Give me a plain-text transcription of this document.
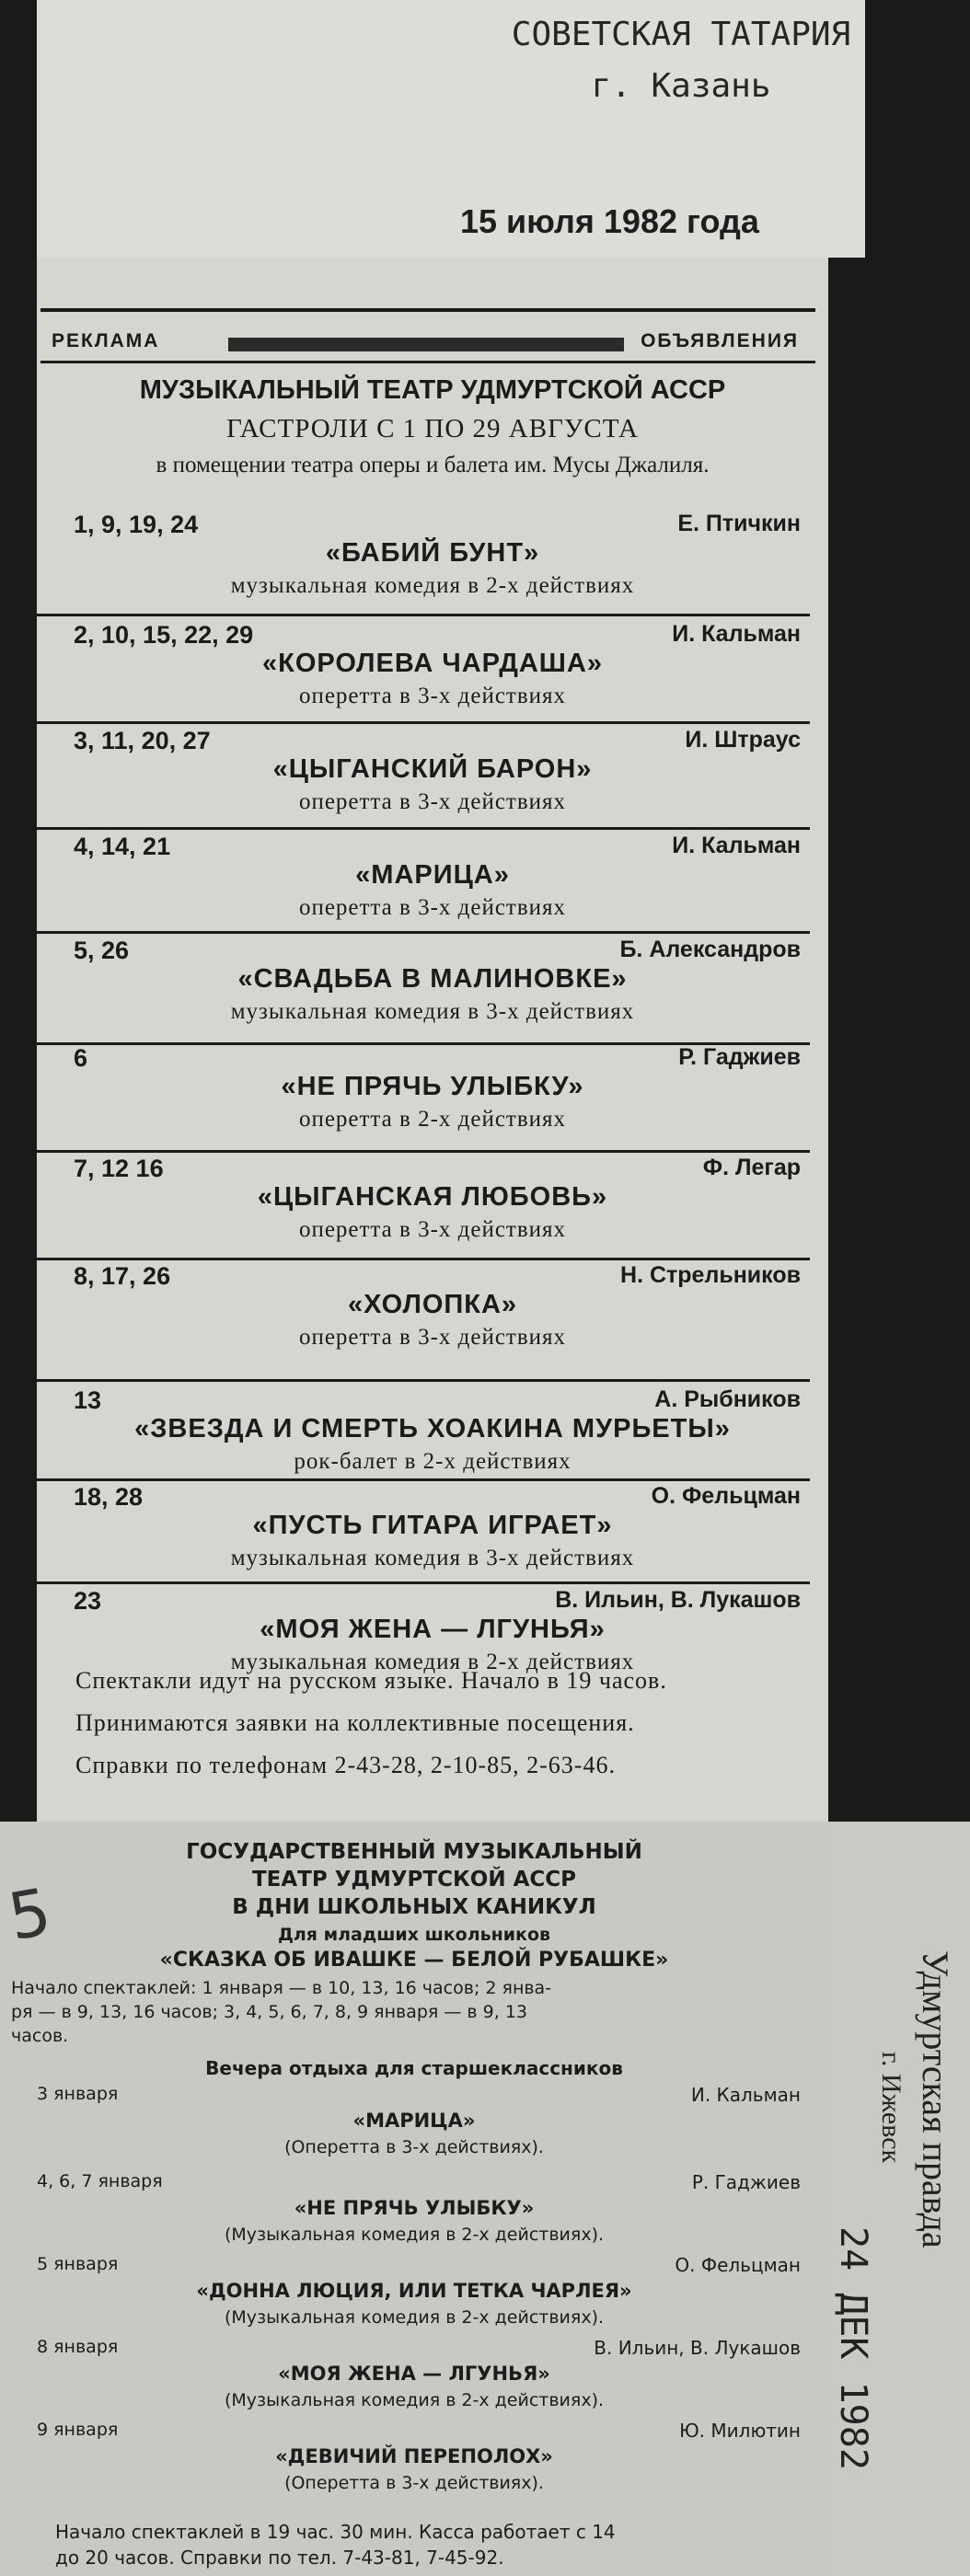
СОВЕТСКАЯ ТАТАРИЯ
г. Казань
15 июля 1982 года
РЕКЛАМА	ОБЪЯВЛЕНИЯ
МУЗЫКАЛЬНЫЙ ТЕАТР УДМУРТСКОЙ АССР
ГАСТРОЛИ С 1 ПО 29 АВГУСТА
в помещении театра оперы и балета им. Мусы Джалиля.
1, 9, 19, 24	Е. Птичкин
«БАБИЙ БУНТ»
музыкальная комедия в 2-х действиях
2, 10, 15, 22, 29	И. Кальман
«КОРОЛЕВА ЧАРДАША»
оперетта в 3-х действиях
3, 11, 20, 27	И. Штраус
«ЦЫГАНСКИЙ БАРОН»
оперетта в 3-х действиях
4, 14, 21	И. Кальман
«МАРИЦА»
оперетта в 3-х действиях
5, 26	Б. Александров
«СВАДЬБА В МАЛИНОВКЕ»
музыкальная комедия в 3-х действиях
6	Р. Гаджиев
«НЕ ПРЯЧЬ УЛЫБКУ»
оперетта в 2-х действиях
7, 12 16	Ф. Легар
«ЦЫГАНСКАЯ ЛЮБОВЬ»
оперетта в 3-х действиях
8, 17, 26	Н. Стрельников
«ХОЛОПКА»
оперетта в 3-х действиях
13	А. Рыбников
«ЗВЕЗДА И СМЕРТЬ ХОАКИНА МУРЬЕТЫ»
рок-балет в 2-х действиях
18, 28	О. Фельцман
«ПУСТЬ ГИТАРА ИГРАЕТ»
музыкальная комедия в 3-х действиях
23	В. Ильин, В. Лукашов
«МОЯ ЖЕНА — ЛГУНЬЯ»
музыкальная комедия в 2-х действиях
Спектакли идут на русском языке. Начало в 19 часов.
Принимаются заявки на коллективные посещения.
Справки по телефонам 2-43-28, 2-10-85, 2-63-46.
5
ГОСУДАРСТВЕННЫЙ МУЗЫКАЛЬНЫЙ
ТЕАТР УДМУРТСКОЙ АССР
В ДНИ ШКОЛЬНЫХ КАНИКУЛ
Для младших школьников
«СКАЗКА ОБ ИВАШКЕ — БЕЛОЙ РУБАШКЕ»
Начало спектаклей: 1 января — в 10, 13, 16 часов; 2 янва-
ря — в 9, 13, 16 часов; 3, 4, 5, 6, 7, 8, 9 января — в 9, 13
часов.
Вечера отдыха для старшеклассников
3 января	И. Кальман
«МАРИЦА»
(Оперетта в 3-х действиях).
4, 6, 7 января	Р. Гаджиев
«НЕ ПРЯЧЬ УЛЫБКУ»
(Музыкальная комедия в 2-х действиях).
5 января	О. Фельцман
«ДОННА ЛЮЦИЯ, ИЛИ ТЕТКА ЧАРЛЕЯ»
(Музыкальная комедия в 2-х действиях).
8 января	В. Ильин, В. Лукашов
«МОЯ ЖЕНА — ЛГУНЬЯ»
(Музыкальная комедия в 2-х действиях).
9 января	Ю. Милютин
«ДЕВИЧИЙ ПЕРЕПОЛОХ»
(Оперетта в 3-х действиях).
Начало спектаклей в 19 час. 30 мин. Касса работает с 14
до 20 часов. Справки по тел. 7-43-81, 7-45-92.
Удмуртская правда
г. Ижевск
24 ДЕК 1982
